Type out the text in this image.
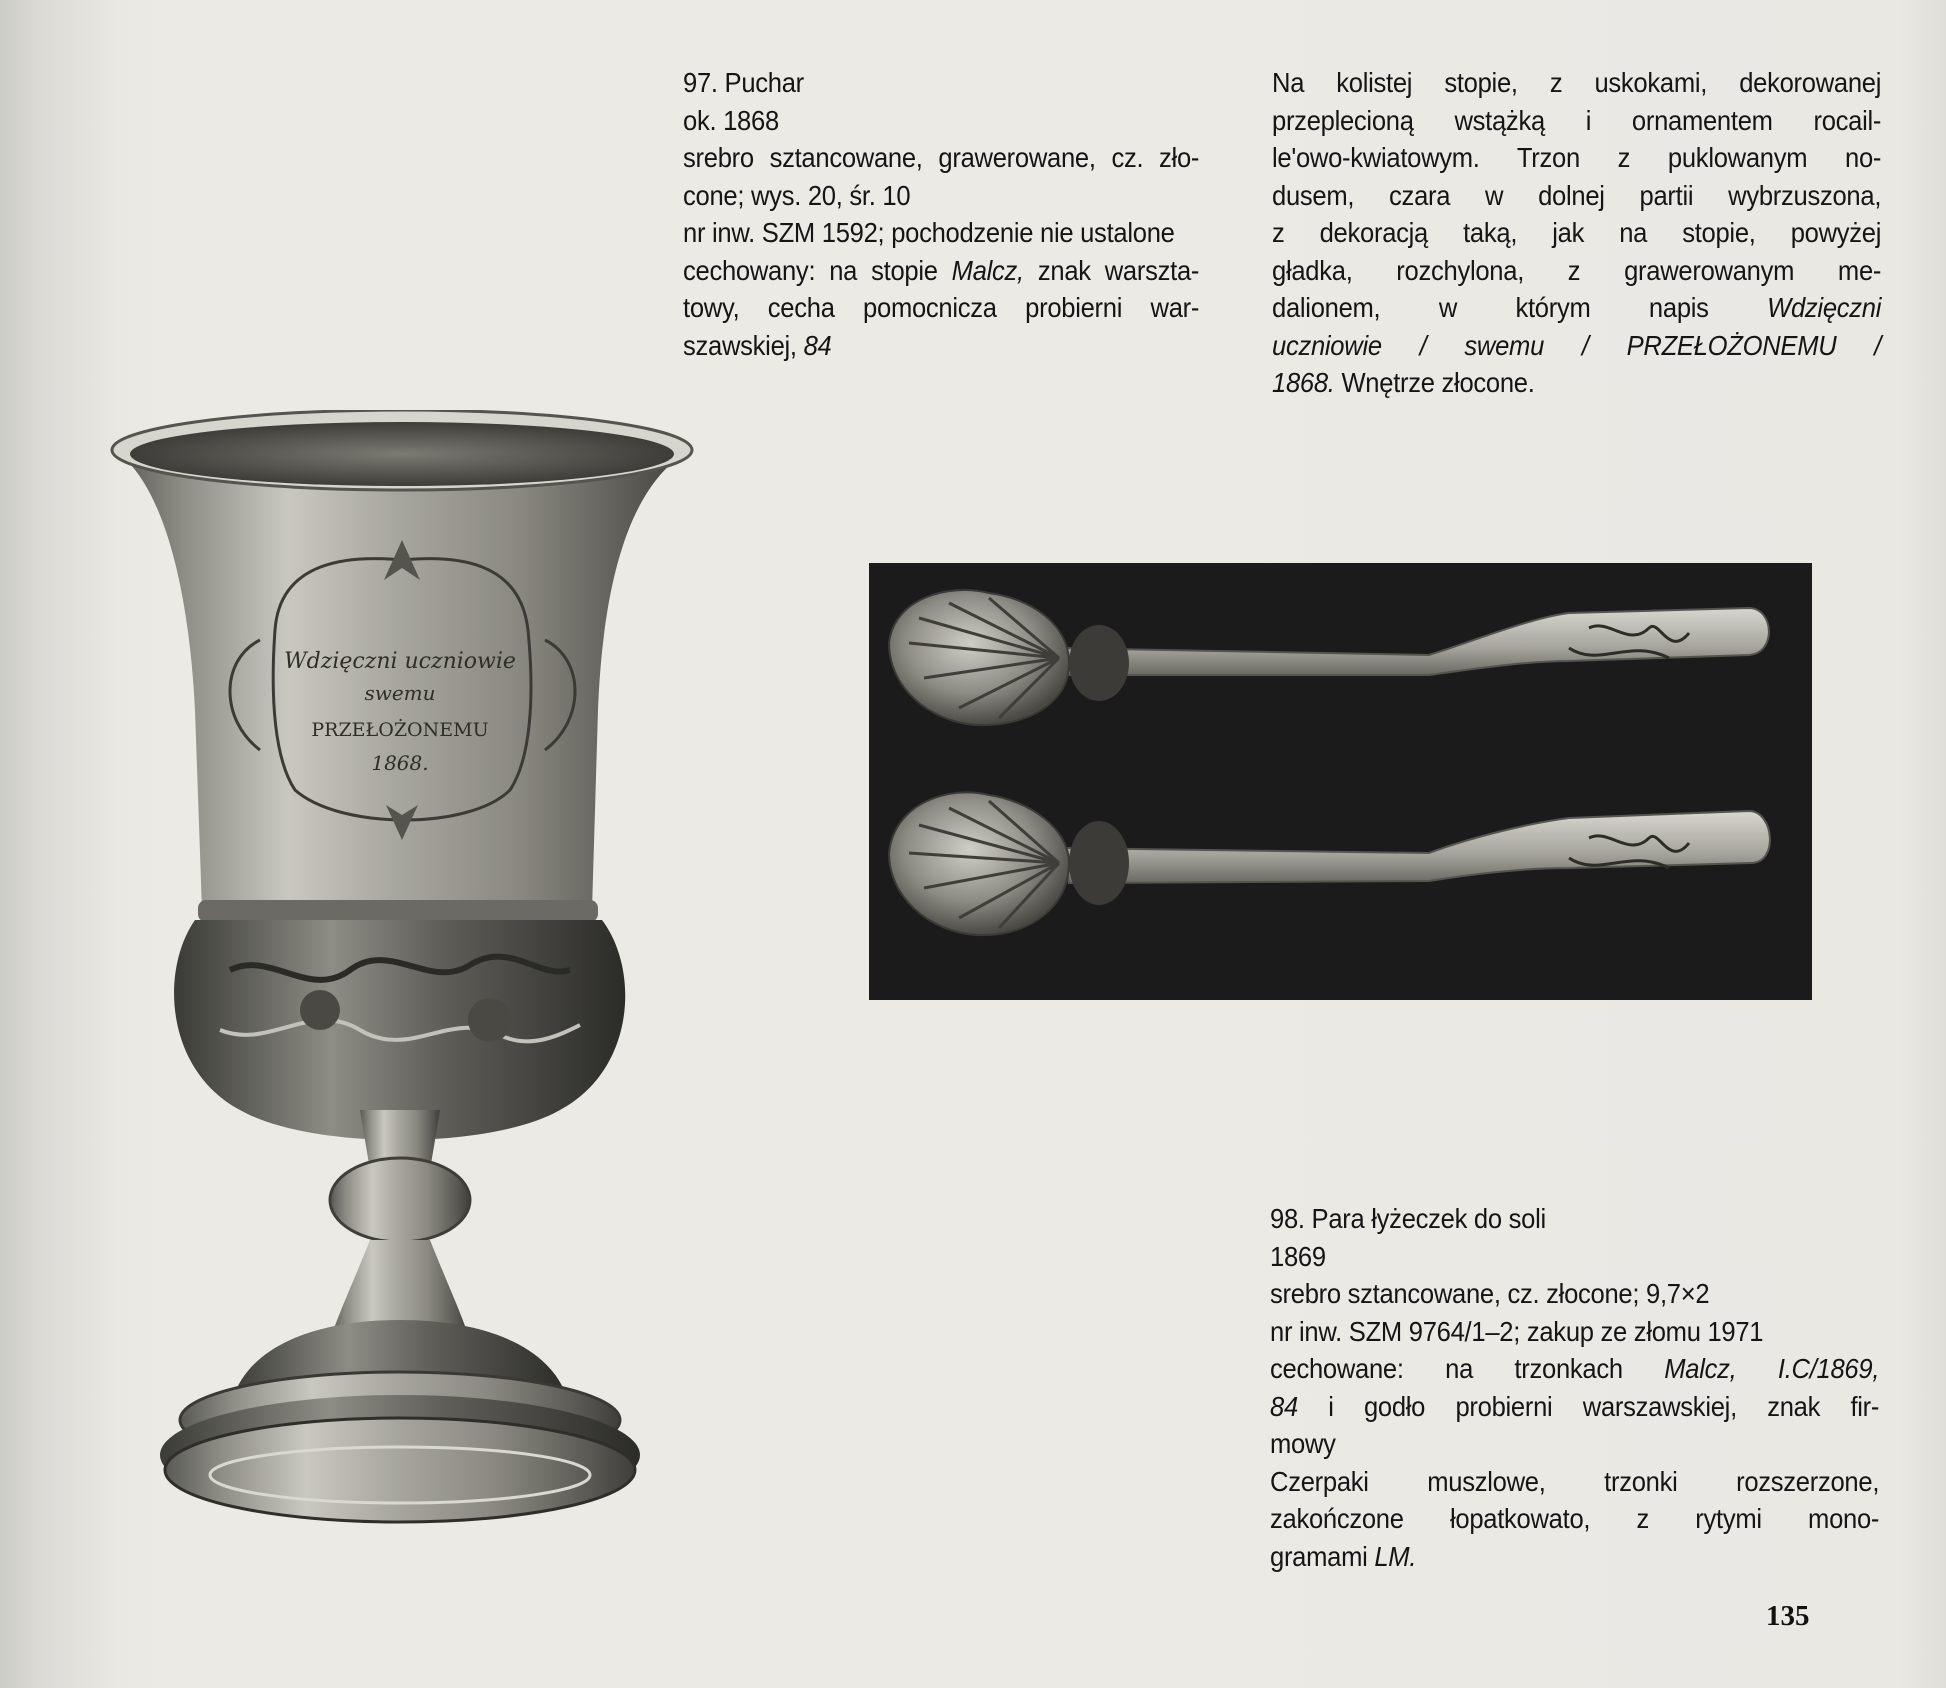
97. Puchar
ok. 1868
srebro sztancowane, grawerowane, cz. zło-
cone; wys. 20, śr. 10
nr inw. SZM 1592; pochodzenie nie ustalone
cechowany: na stopie Malcz, znak warszta-
towy, cecha pomocnicza probierni war-
szawskiej, 84
Na kolistej stopie, z uskokami, dekorowanej
przeplecioną wstążką i ornamentem rocail-
le'owo-kwiatowym. Trzon z puklowanym no-
dusem, czara w dolnej partii wybrzuszona,
z dekoracją taką, jak na stopie, powyżej
gładka, rozchylona, z grawerowanym me-
dalionem, w którym napis Wdzięczni
uczniowie / swemu / PRZEŁOŻONEMU /
1868. Wnętrze złocone.
Wdzięczni uczniowie
swemu
PRZEŁOŻONEMU
1868.
98. Para łyżeczek do soli
1869
srebro sztancowane, cz. złocone; 9,7×2
nr inw. SZM 9764/1–2; zakup ze złomu 1971
cechowane: na trzonkach Malcz, I.C/1869,
84 i godło probierni warszawskiej, znak fir-
mowy
Czerpaki muszlowe, trzonki rozszerzone,
zakończone łopatkowato, z rytymi mono-
gramami LM.
135
